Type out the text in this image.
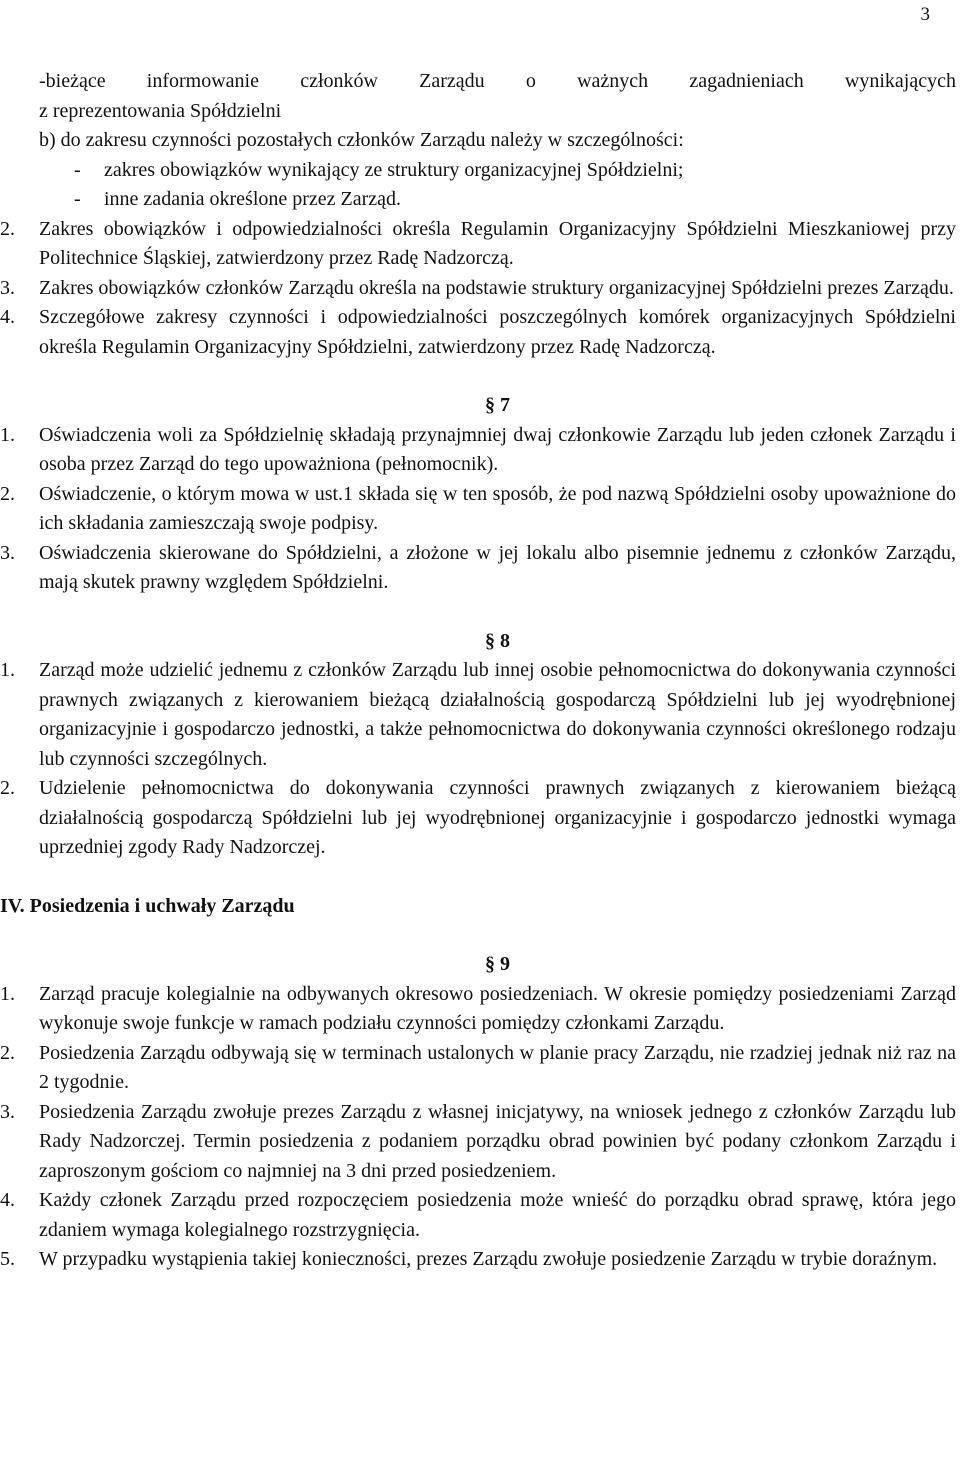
3

-bieżące informowanie członków Zarządu o ważnych zagadnieniach wynikających

z reprezentowania Spółdzielni

b) do zakresu czynności pozostałych członków Zarządu należy w szczególności:

- zakres obowiązków wynikający ze struktury organizacyjnej Spółdzielni;

- inne zadania określone przez Zarząd.

2. Zakres obowiązków i odpowiedzialności określa Regulamin Organizacyjny Spółdzielni Mieszkaniowej przy Politechnice Śląskiej, zatwierdzony przez Radę Nadzorczą.

3. Zakres obowiązków członków Zarządu określa na podstawie struktury organizacyjnej Spółdzielni prezes Zarządu.

4. Szczegółowe zakresy czynności i odpowiedzialności poszczególnych komórek organizacyjnych Spółdzielni określa Regulamin Organizacyjny Spółdzielni, zatwierdzony przez Radę Nadzorczą.

§ 7

1. Oświadczenia woli za Spółdzielnię składają przynajmniej dwaj członkowie Zarządu lub jeden członek Zarządu i osoba przez Zarząd do tego upoważniona (pełnomocnik).

2. Oświadczenie, o którym mowa w ust.1 składa się w ten sposób, że pod nazwą Spółdzielni osoby upoważnione do ich składania zamieszczają swoje podpisy.

3. Oświadczenia skierowane do Spółdzielni, a złożone w jej lokalu albo pisemnie jednemu z członków Zarządu, mają skutek prawny względem Spółdzielni.

§ 8

1. Zarząd może udzielić jednemu z członków Zarządu lub innej osobie pełnomocnictwa do dokonywania czynności prawnych związanych z kierowaniem bieżącą działalnością gospodarczą Spółdzielni lub jej wyodrębnionej organizacyjnie i gospodarczo jednostki, a także pełnomocnictwa do dokonywania czynności określonego rodzaju lub czynności szczególnych.

2. Udzielenie pełnomocnictwa do dokonywania czynności prawnych związanych z kierowaniem bieżącą działalnością gospodarczą Spółdzielni lub jej wyodrębnionej organizacyjnie i gospodarczo jednostki wymaga uprzedniej zgody Rady Nadzorczej.

IV. Posiedzenia i uchwały Zarządu

§ 9

1. Zarząd pracuje kolegialnie na odbywanych okresowo posiedzeniach. W okresie pomiędzy posiedzeniami Zarząd wykonuje swoje funkcje w ramach podziału czynności pomiędzy członkami Zarządu.

2. Posiedzenia Zarządu odbywają się w terminach ustalonych w planie pracy Zarządu, nie rzadziej jednak niż raz na 2 tygodnie.

3. Posiedzenia Zarządu zwołuje prezes Zarządu z własnej inicjatywy, na wniosek jednego z członków Zarządu lub Rady Nadzorczej. Termin posiedzenia z podaniem porządku obrad powinien być podany członkom Zarządu i zaproszonym gościom co najmniej na 3 dni przed posiedzeniem.

4. Każdy członek Zarządu przed rozpoczęciem posiedzenia może wnieść do porządku obrad sprawę, która jego zdaniem wymaga kolegialnego rozstrzygnięcia.

5. W przypadku wystąpienia takiej konieczności, prezes Zarządu zwołuje posiedzenie Zarządu w trybie doraźnym.
